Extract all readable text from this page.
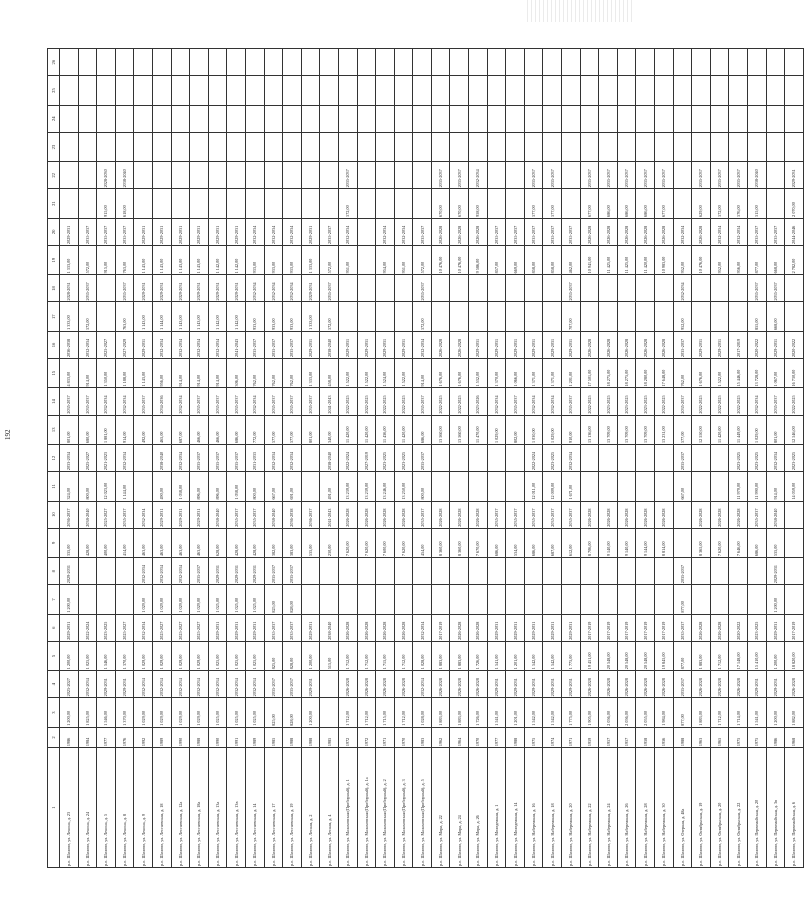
192
1	2	3	4	5	6	7	8	9	10	11	12	13	14	15	16	17	18	19	20	21	22	23	24	25	26
р.п. Шилово, ул. Ленина, д. 23	1986	1 200,00	2025-2027	1 200,00	2029-2031	1 200,00	2029-2031	335,00	2036-2037	324,00	2033-2034	801,00	2035-2037	4 833,00	2036-2038	1 333,00	2028-2031	1 333,00	2029-2031						
р.п. Шилово, ул. Ленина, д. 24	1984	1 825,00	2032-2034	1 025,00	2022-2024			428,00	2038-2040	800,00	2025-2027	680,00	2035-2037	914,00	2032-2034	572,00	2035-2037	572,00	2035-2037						
р.п. Шилово, ул. Ленина, д. 5	1977	1 546,00	2029-2031	1 546,00	2023-2025			400,00	2025-2027	12 023,00	2021-2023	1 881,00	2032-2034	1 350,00	2025-2027			915,00	2035-2037	915,00	2028-2030				
р.п. Шилово, ул. Ленина, д. 8	1976	1 370,00	2029-2031	1 370,00	2025-2027			414,00	2035-2037	1 144,00	2032-2034	914,00	2032-2034	1 188,00	2027-2029	763,00	2035-2037	763,00	2035-2037	618,00	2038-2040				
р.п. Шилово, ул. Ленина, д. 9	1992	1 029,00	2032-2034	1 029,00	2032-2034	1 029,00	2032-2034	463,00	2032-2034			492,00	2035-2037	1 143,00	2029-2031	1 143,00	2029-2031	1 143,00	2029-2031						
р.п. Шилово, ул. Лесгаевская, д. 18	1989	1 029,00	2032-2034	1 029,00	2025-2027	1 029,00	2032-2034	463,00	2029-2031	490,00	2038-2040	465,00	2034-2036	956,00	2032-2034	1 144,00	2029-2031	1 143,00	2029-2031						
р.п. Шилово, ул. Лесгаевская, д. 12а	1990	1 029,00	2032-2034	1 029,00	2025-2027	1 029,00	2032-2034	463,00	2029-2031	1 038,00	2032-2034	687,00	2032-2034	914,00	2032-2034	1 143,00	2029-2031	1 143,00	2029-2031						
р.п. Шилово, ул. Лесгаевская, д. 18а	1988	1 029,00	2032-2034	1 029,00	2025-2027	1 029,00	2035-2037	463,00	2029-2031	896,00	2035-2037	466,00	2035-2037	914,00	2032-2034	1 143,00	2029-2031	1 143,00	2029-2031						
р.п. Шилово, ул. Лесгаевская, д. 13а	1990	1 025,00	2032-2034	1 025,00	2029-2031	1 025,00	2029-2031	628,00	2038-2040	896,00	2035-2037	466,00	2035-2037	914,00	2032-2034	1 142,00	2029-2031	1 142,00	2029-2031						
р.п. Шилово, ул. Лесгаевская, д. 13в	1991	1 025,00	2032-2034	1 025,00	2029-2031	1 025,00	2029-2031	428,00	2035-2037	1 038,00	2035-2037	686,00	2035-2037	306,00	2041-2043	1 142,00	2029-2031	1 142,00	2029-2031						
р.п. Шилово, ул. Лесгаевская, д. 14	1989	1 025,00	2032-2034	1 025,00	2029-2031	1 025,00	2029-2031	428,00	2035-2037	800,00	2031-2033	772,00	2032-2034	762,00	2035-2037	933,00	2032-2034	933,00	2032-2034						
р.п. Шилово, ул. Лесгаевская, д. 17	1985	825,00	2035-2037	825,00	2035-2037	825,00	2035-2037	382,00	2038-2040	667,00	2032-2034	577,00	2035-2037	762,00	2035-2037	933,00	2032-2034	933,00	2032-2034						
р.п. Шилово, ул. Лесгаевская, д. 19	1988	828,00	2035-2037	828,00	2035-2037	828,00	2035-2037	383,00	2036-2038	691,00	2032-2034	577,00	2035-2037	762,00	2035-2037	933,00	2032-2034	933,00	2032-2034						
р.п. Шилово, ул. Лесная, д. 2	1988	1 200,00	2029-2031	1 200,00	2029-2031			535,00	2036-2037			801,00	2035-2037	1 333,00	2029-2031	1 333,00	2029-2031	1 333,00	2029-2031						
р.п. Шилово, ул. Лесная, д. 4	1985			515,00	2038-2040			230,00	2041-2043	491,00	2038-2040	340,00	2041-2043	458,00	2038-2040	572,00	2035-2037	572,00	2035-2037						
р.п. Шилово, ул. Малаховская (Приборный), д. 1	1972	1 712,00	2026-2028	1 712,00	2026-2028			7 620,00	2026-2028	13 239,00	2022-2024	11 420,00	2022-2025	1 522,00	2029-2031			951,00	2032-2034	572,00	2035-2037				
р.п. Шилово, ул. Малаховская (Приборный), д. 1а	1972	1 712,00	2026-2028	1 712,00	2026-2028			7 620,00	2026-2028	13 239,00	2027-2019	11 420,00	2022-2025	1 522,00	2029-2031										
р.п. Шилово, ул. Малаховская (Приборный), д. 2	1971	1 715,00	2026-2028	1 715,00	2026-2028			7 600,00	2026-2028	13 246,00	2023-2025	11 436,00	2022-2025	1 524,00	2029-2031			954,00	2032-2034						
р.п. Шилово, ул. Малаховская (Приборный), д. 3	1970	1 712,00	2026-2028	1 712,00	2026-2028			7 620,00	2026-2028	13 250,00	2023-2025	11 420,00	2022-2025	1 522,00	2029-2031			951,00	2032-2034						
р.п. Шилово, ул. Малаховская (Приборный), д. 5	1983	1 028,00	2032-2034	1 028,00	2032-2034			454,00	2035-2037	800,00	2035-2037	686,00	2035-2037	914,00	2032-2034	572,00	2035-2037	572,00	2035-2037						
р.п. Шилово, ул. Мира, д. 22	1962	1 883,00	2026-2028	1 883,00	2017-2019			8 360,00	2026-2028			13 560,00	2022-2025	1 676,00	2026-2028			10 476,00	2026-2028	670,00	2035-2037				
р.п. Шилово, ул. Мира, д. 24	1964	1 883,00	2026-2028	1 883,00	2026-2028			8 360,00	2026-2028			13 560,00	2022-2025	1 676,00	2026-2028			10 476,00	2026-2028	670,00	2035-2037				
р.п. Шилово, ул. Мира, д. 26	1970	1 726,00	2026-2028	1 726,00	2026-2028			7 670,00	2026-2028			11 470,00	2023-2026	1 532,00	2029-2031			9 586,00	2026-2028	958,00	2032-2034				
р.п. Шилово, ул. Молодежная, д. 1	1977	1 541,00	2029-2031	1 541,00	2029-2031			686,00	2035-2037			1 029,00	2032-2034	1 370,00	2029-2031			857,00	2035-2037						
р.п. Шилово, ул. Молодежная, д. 14	1988	1 201,00	2029-2031	1 201,00	2029-2031			534,00	2035-2037			802,00	2035-2037	1 066,00	2029-2031			669,00	2035-2037						
р.п. Шилово, ул. Набережная, д. 16	1975	1 542,00	2029-2031	1 542,00	2029-2031			686,00	2035-2037	12 011,00	2022-2024	1 030,00	2032-2034	1 371,00	2029-2031			858,00	2035-2037	577,00	2035-2037				
р.п. Шилово, ул. Набережная, д. 18	1974	1 542,00	2029-2031	1 542,00	2029-2031			687,00	2035-2037	12 009,00	2023-2025	1 029,00	2032-2034	1 371,00	2029-2031			858,00	2035-2037	577,00	2035-2037				
р.п. Шилово, ул. Набережная, д. 20	1971	1 775,00	2029-2031	1 775,00	2029-2031			612,00	2035-2037	1 671,00	2032-2034	910,00	2035-2037	1 201,00	2029-2031	707,00	2035-2037	462,00	2035-2037						
р.п. Шилово, ул. Набережная, д. 22	1959	1 905,00	2026-2028	19 451,00	2017-2019			8 706,00	2026-2028			13 136,00	2022-2025	17 501,00	2026-2028			10 941,00	2026-2028	677,00	2035-2037				
р.п. Шилово, ул. Набережная, д. 24	1957	2 056,00	2026-2028	20 548,00	2017-2019			9 140,00	2026-2028			13 709,00	2023-2025	18 275,00	2026-2028			11 425,00	2026-2028	686,00	2035-2037				
р.п. Шилово, ул. Набережная, д. 26	1957	2 056,00	2026-2028	20 548,00	2017-2019			9 140,00	2026-2028			13 709,00	2023-2025	18 275,00	2026-2028			11 425,00	2026-2028	686,00	2035-2037				
р.п. Шилово, ул. Набережная, д. 28	1958	2 055,00	2026-2028	20 548,00	2017-2019			9 144,00	2026-2028			13 709,00	2023-2025	18 280,00	2026-2028			11 420,00	2026-2028	686,00	2035-2037				
р.п. Шилово, ул. Набережная, д. 30	1956	1 984,00	2026-2028	19 845,00	2017-2019			8 814,00	2026-2028			13 231,00	2022-2025	17 648,00	2026-2028			10 983,00	2026-2028	677,00	2035-2037				
р.п. Шилово, ул. Озерная, д. 48а	1988	877,00	2035-2037	877,00	2035-2037	877,00	2035-2037			667,00	2035-2037	577,00	2035-2037	762,00	2035-2037	952,00	2032-2034	952,00	2032-2034						
р.п. Шилово, ул. Октябрьская, д. 19	1963	1 883,00	2026-2028	1 883,00	2026-2028			8 365,00	2026-2028			12 550,00	2022-2025	1 676,00	2029-2031			10 476,00	2026-2028	629,00	2035-2037				
р.п. Шилово, ул. Октябрьская, д. 20	1965	1 712,00	2026-2028	1 712,00	2026-2028			7 620,00	2026-2028			11 420,00	2022-2025	1 522,00	2029-2031			952,00	2032-2034	572,00	2035-2037				
р.п. Шилово, ул. Октябрьская, д. 22	1975	1 714,00	2026-2028	17 148,00	2020-2022			7 646,00	2026-2028	11 979,00	2023-2025	11 449,00	2022-2025	15 446,00	2017-2019			956,00	2032-2034	576,00	2035-2037				
р.п. Шилово, ул. Первомайская, д. 20	1975	1 541,00	2029-2031	15 410,00	2023-2025			686,00	2035-2037	11 990,00	2023-2025	1 029,00	2032-2034	13 728,00	2020-2022	855,00	2035-2037	877,00	2035-2037	515,00	2038-2040				
р.п. Шилово, ул. Первомайская, д. 3в	1986	1 200,00	2029-2031	1 200,00	2029-2031	1 200,00	2029-2031	535,00	2038-2040	914,00	2032-2034	801,00	2035-2037	1 067,00	2029-2031	668,00	2035-2037	668,00	2035-2037						
р.п. Шилово, ул. Первомайская, д. 6	1968	1 882,00	2026-2028	18 820,00	2017-2019					14 059,00	2023-2025	12 546,00	2022-2025	16 730,00	2020-2022			2 782,00	2044-2046	2 070,00	2029-2031				
